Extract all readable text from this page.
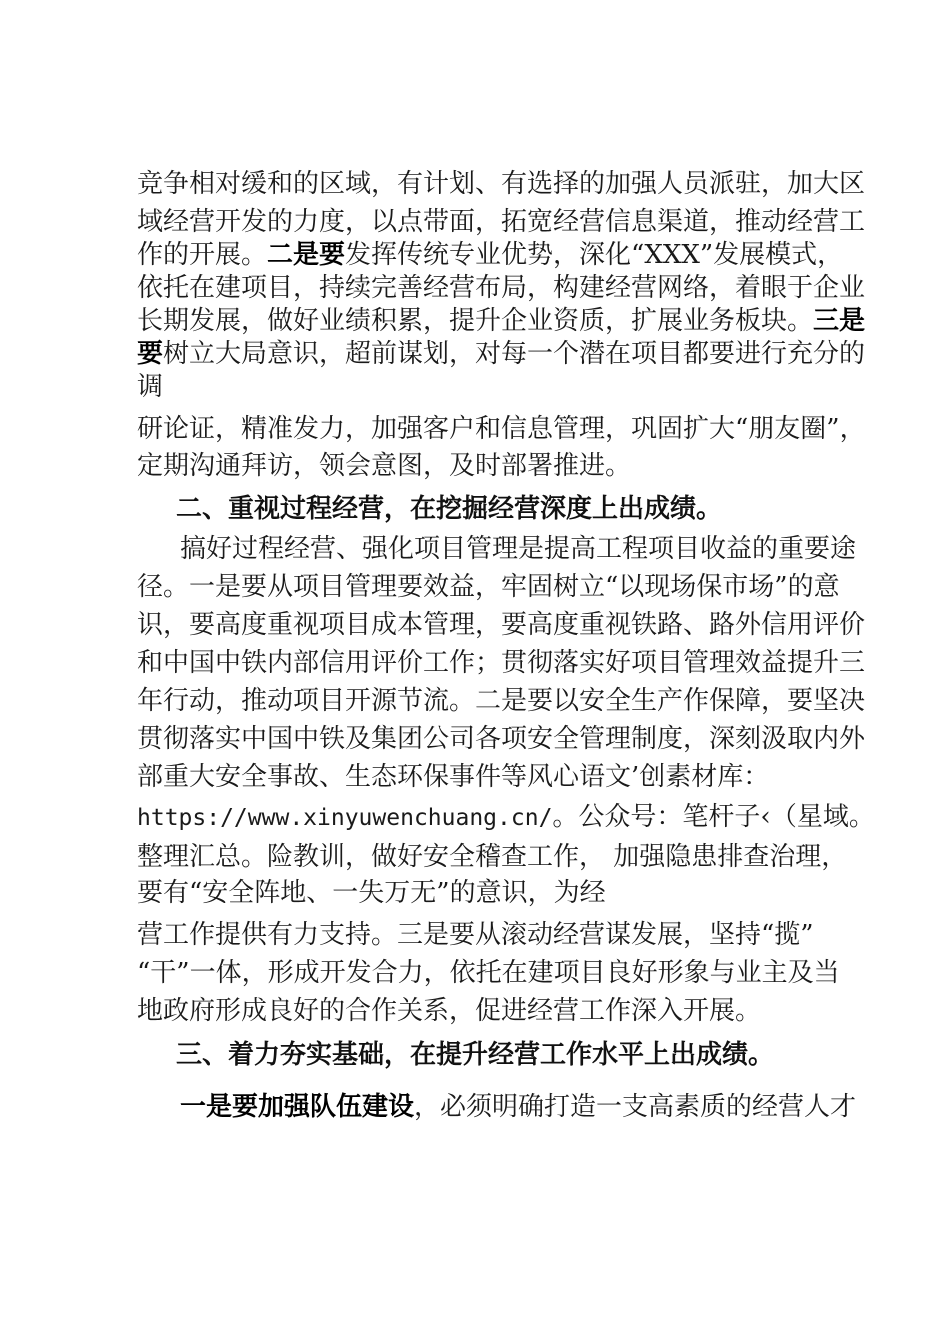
竞争相对缓和的区域，有计划、有选择的加强人员派驻，加大区
域经营开发的力度，以点带面，拓宽经营信息渠道，推动经营工
作的开展。二是要发挥传统专业优势，深化“XXX”发展模式，
依托在建项目，持续完善经营布局，构建经营网络，着眼于企业
长期发展，做好业绩积累，提升企业资质，扩展业务板块。三是
要树立大局意识，超前谋划，对每一个潜在项目都要进行充分的
调
研论证，精准发力，加强客户和信息管理，巩固扩大“朋友圈”，
定期沟通拜访，领会意图，及时部署推进。
二、重视过程经营，在挖掘经营深度上出成绩。
搞好过程经营、强化项目管理是提高工程项目收益的重要途
径。一是要从项目管理要效益，牢固树立“以现场保市场”的意
识，要高度重视项目成本管理，要高度重视铁路、路外信用评价
和中国中铁内部信用评价工作；贯彻落实好项目管理效益提升三
年行动，推动项目开源节流。二是要以安全生产作保障，要坚决
贯彻落实中国中铁及集团公司各项安全管理制度，深刻汲取内外
部重大安全事故、生态环保事件等风心语文’创素材库：
https://www.xinyuwenchuang.cn/。公众号：笔杆子‹（星域。
整理汇总。险教训，做好安全稽查工作， 加强隐患排查治理，
要有“安全阵地、一失万无”的意识，为经
营工作提供有力支持。三是要从滚动经营谋发展，坚持“揽”
“干”一体，形成开发合力，依托在建项目良好形象与业主及当
地政府形成良好的合作关系，促进经营工作深入开展。
三、着力夯实基础，在提升经营工作水平上出成绩。
一是要加强队伍建设，必须明确打造一支高素质的经营人才
